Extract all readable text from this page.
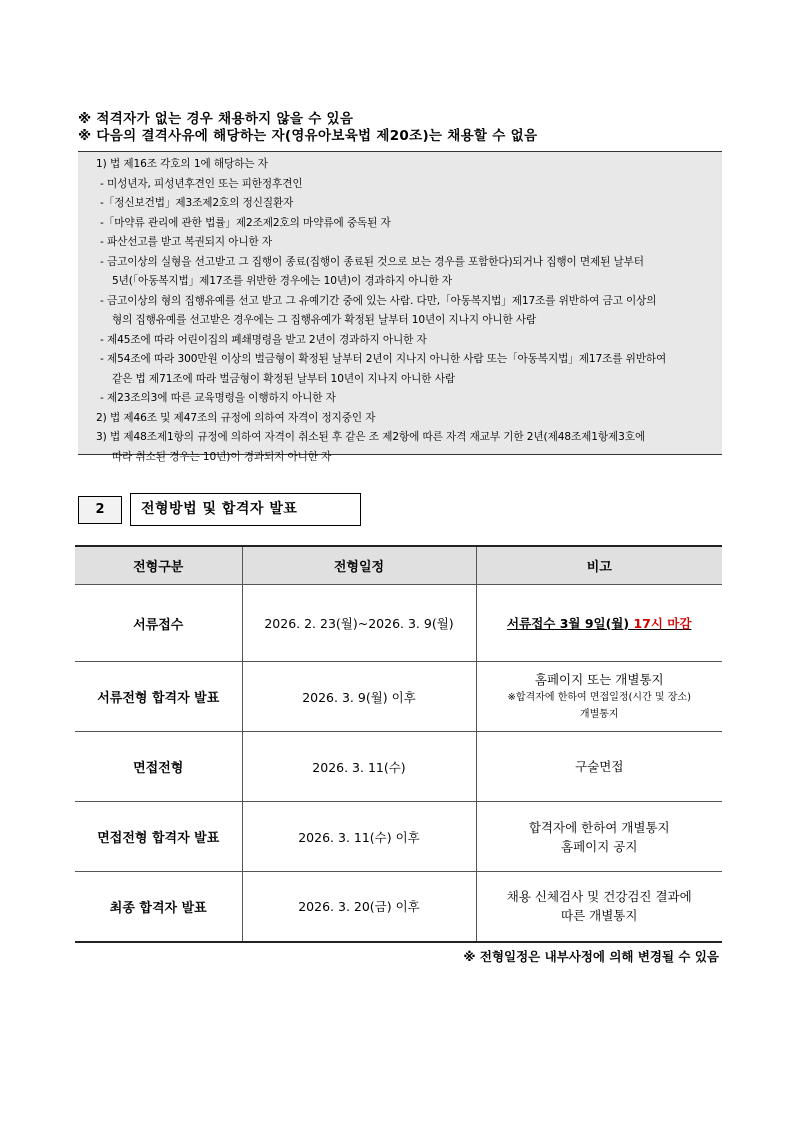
※ 적격자가 없는 경우 채용하지 않을 수 있음
※ 다음의 결격사유에 해당하는 자(영유아보육법 제20조)는 채용할 수 없음
1) 법 제16조 각호의 1에 해당하는 자
- 미성년자, 피성년후견인 또는 피한정후견인
-「정신보건법」제3조제2호의 정신질환자
-「마약류 관리에 관한 법률」제2조제2호의 마약류에 중독된 자
- 파산선고를 받고 복권되지 아니한 자
- 금고이상의 실형을 선고받고 그 집행이 종료(집행이 종료된 것으로 보는 경우를 포함한다)되거나 집행이 면제된 날부터
5년(「아동복지법」제17조를 위반한 경우에는 10년)이 경과하지 아니한 자
- 금고이상의 형의 집행유예를 선고 받고 그 유예기간 중에 있는 사람. 다만,「아동복지법」제17조를 위반하여 금고 이상의
형의 집행유예를 선고받은 경우에는 그 집행유예가 확정된 날부터 10년이 지나지 아니한 사람
- 제45조에 따라 어린이집의 폐쇄명령을 받고 2년이 경과하지 아니한 자
- 제54조에 따라 300만원 이상의 벌금형이 확정된 날부터 2년이 지나지 아니한 사람 또는「아동복지법」제17조를 위반하여
같은 법 제71조에 따라 벌금형이 확정된 날부터 10년이 지나지 아니한 사람
- 제23조의3에 따른 교육명령을 이행하지 아니한 자
2) 법 제46조 및 제47조의 규정에 의하여 자격이 정지중인 자
3) 법 제48조제1항의 규정에 의하여 자격이 취소된 후 같은 조 제2항에 따른 자격 재교부 기한 2년(제48조제1항제3호에
따라 취소된 경우는 10년)이 경과되지 아니한 자
2	전형방법 및 합격자 발표
전형구분	전형일정	비고
서류접수	2026. 2. 23(월)~2026. 3. 9(월)	서류접수 3월 9일(월) 17시 마감
서류전형 합격자 발표	2026. 3. 9(월) 이후	홈페이지 또는 개별통지
※합격자에 한하여 면접일정(시간 및 장소)
개별통지

면접전형	2026. 3. 11(수)	구술면접
면접전형 합격자 발표	2026. 3. 11(수) 이후	합격자에 한하여 개별통지
홈페이지 공지

최종 합격자 발표	2026. 3. 20(금) 이후	채용 신체검사 및 건강검진 결과에
따른 개별통지
※ 전형일정은 내부사정에 의해 변경될 수 있음
